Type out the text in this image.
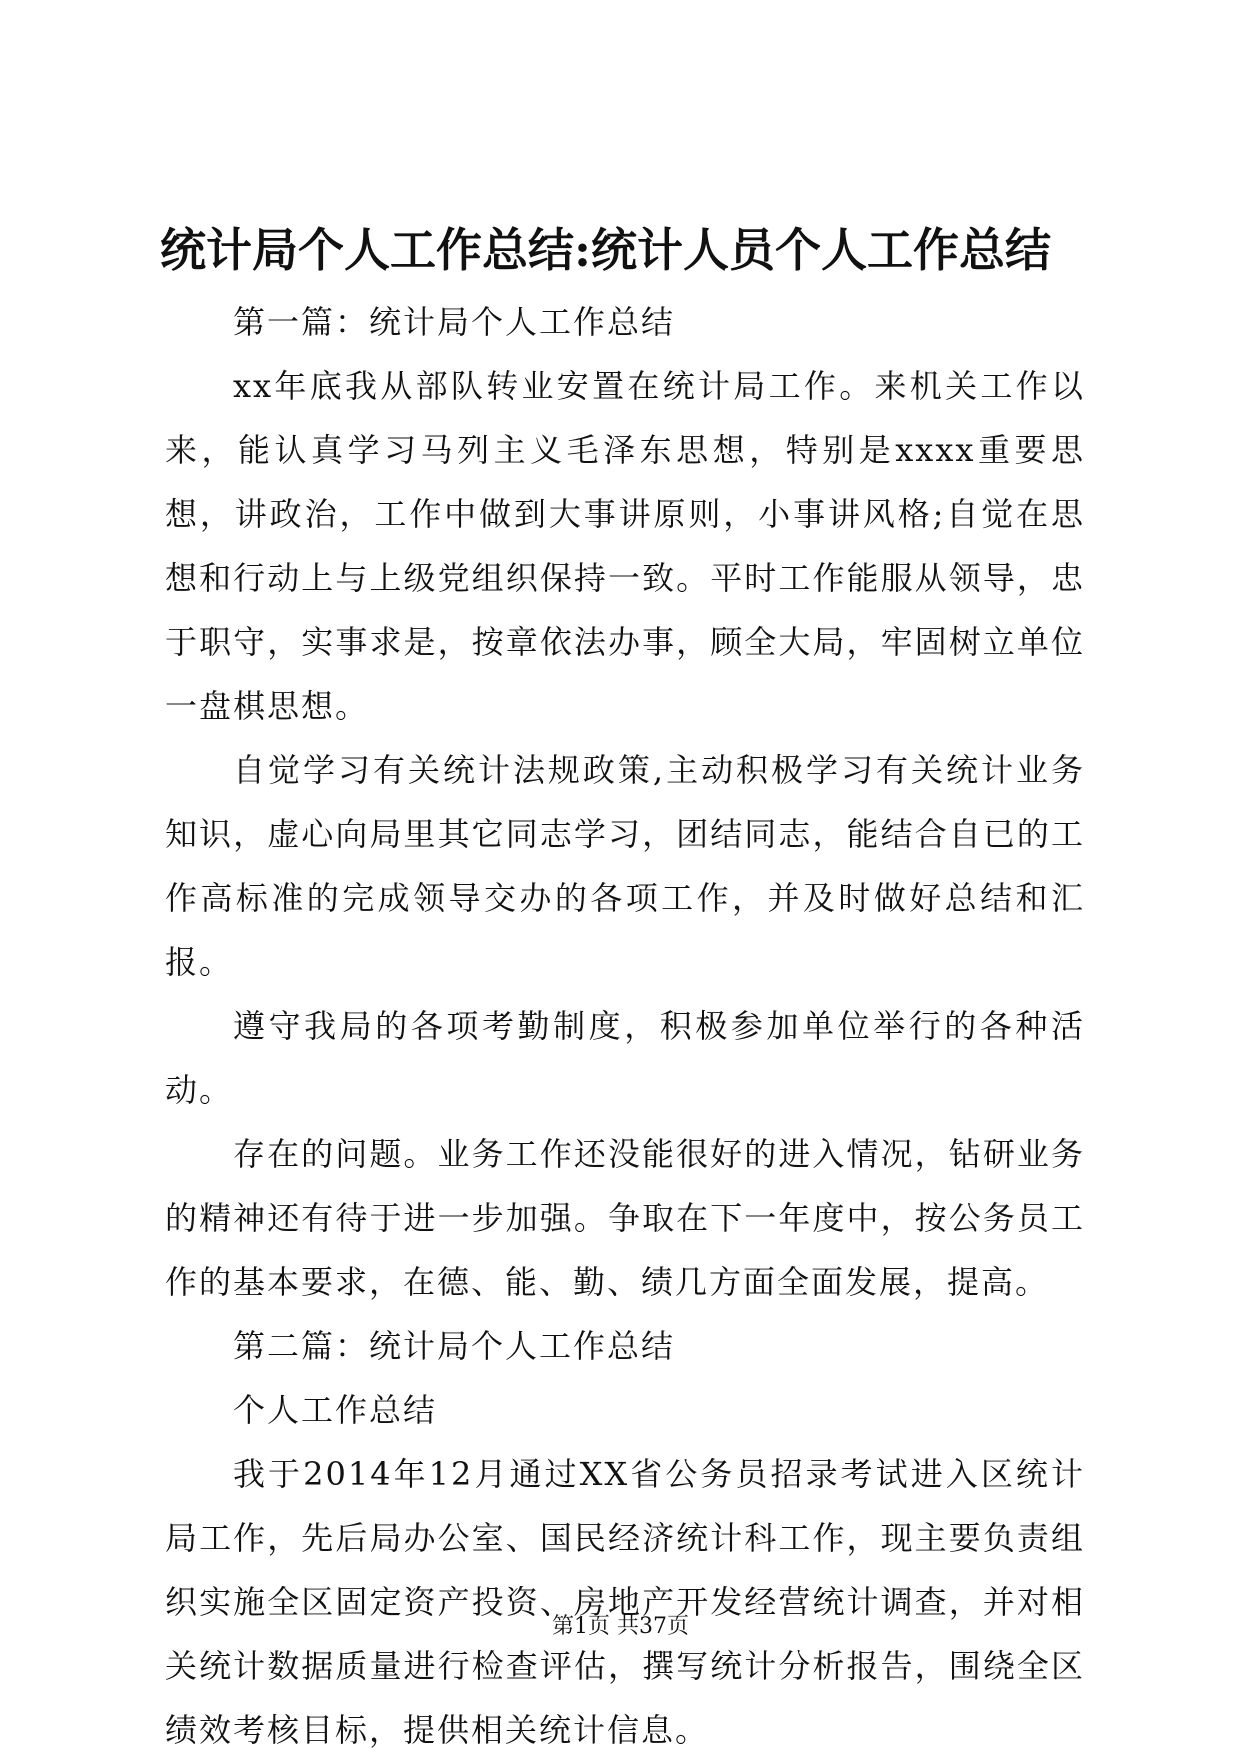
统计局个人工作总结:统计人员个人工作总结

第一篇：统计局个人工作总结

xx年底我从部队转业安置在统计局工作。来机关工作以来，能认真学习马列主义毛泽东思想，特别是xxxx重要思想，讲政治，工作中做到大事讲原则，小事讲风格;自觉在思想和行动上与上级党组织保持一致。平时工作能服从领导，忠于职守，实事求是，按章依法办事，顾全大局，牢固树立单位一盘棋思想。

自觉学习有关统计法规政策,主动积极学习有关统计业务知识，虚心向局里其它同志学习，团结同志，能结合自已的工作高标准的完成领导交办的各项工作，并及时做好总结和汇报。

遵守我局的各项考勤制度，积极参加单位举行的各种活动。

存在的问题。业务工作还没能很好的进入情况，钻研业务的精神还有待于进一步加强。争取在下一年度中，按公务员工作的基本要求，在德、能、勤、绩几方面全面发展，提高。

第二篇：统计局个人工作总结

个人工作总结

我于2014年12月通过XX省公务员招录考试进入区统计局工作，先后局办公室、国民经济统计科工作，现主要负责组织实施全区固定资产投资、房地产开发经营统计调查，并对相关统计数据质量进行检查评估，撰写统计分析报告，围绕全区绩效考核目标，提供相关统计信息。

第1页 共37页
